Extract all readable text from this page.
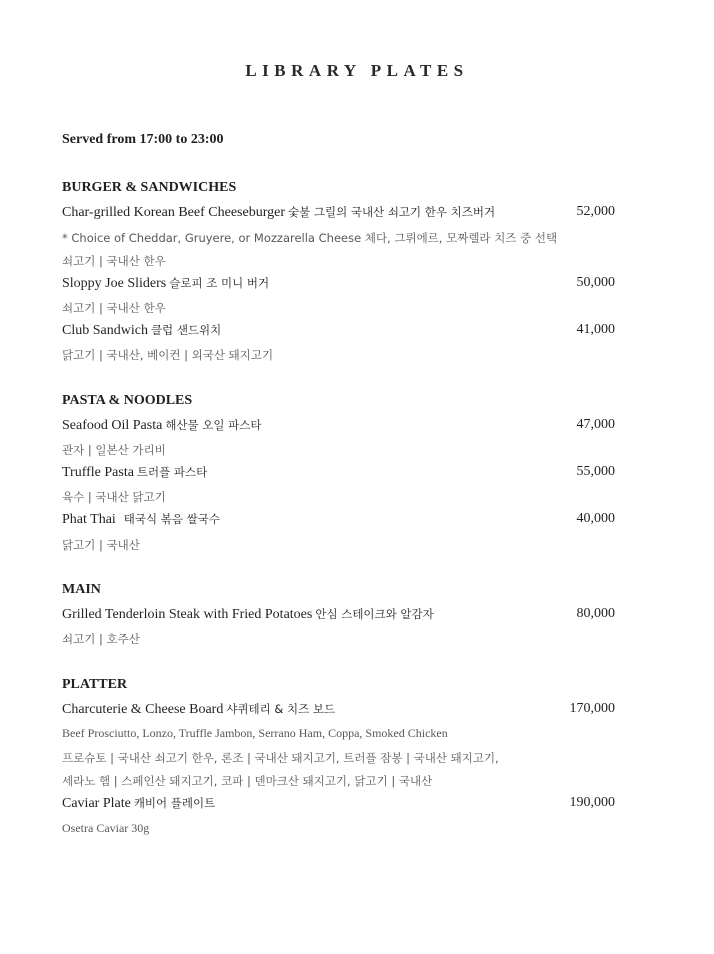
LIBRARY PLATES
Served from 17:00 to 23:00
BURGER & SANDWICHES
Char-grilled Korean Beef Cheeseburger 숯불 그릴의 국내산 쇠고기 한우 치즈버거	52,000
* Choice of Cheddar, Gruyere, or Mozzarella Cheese 체다, 그뤼에르, 모짜렐라 치즈 중 선택
쇠고기 | 국내산 한우
Sloppy Joe Sliders 슬로피 조 미니 버거	50,000
쇠고기 | 국내산 한우
Club Sandwich 클럽 샌드위치	41,000
닭고기 | 국내산, 베이컨 | 외국산 돼지고기
PASTA & NOODLES
Seafood Oil Pasta 해산물 오일 파스타	47,000
관자 | 일본산 가리비
Truffle Pasta 트러플 파스타	55,000
육수 | 국내산 닭고기
Phat Thai 태국식 볶음 쌀국수	40,000
닭고기 | 국내산
MAIN
Grilled Tenderloin Steak with Fried Potatoes 안심 스테이크와 알감자	80,000
쇠고기 | 호주산
PLATTER
Charcuterie & Cheese Board 샤퀴테리 & 치즈 보드	170,000
Beef Prosciutto, Lonzo, Truffle Jambon, Serrano Ham, Coppa, Smoked Chicken
프로슈토 | 국내산 쇠고기 한우, 론조 | 국내산 돼지고기, 트러플 잠봉 | 국내산 돼지고기,
세라노 햄 | 스페인산 돼지고기, 코파 | 덴마크산 돼지고기, 닭고기 | 국내산
Caviar Plate 캐비어 플레이트	190,000
Osetra Caviar 30g
